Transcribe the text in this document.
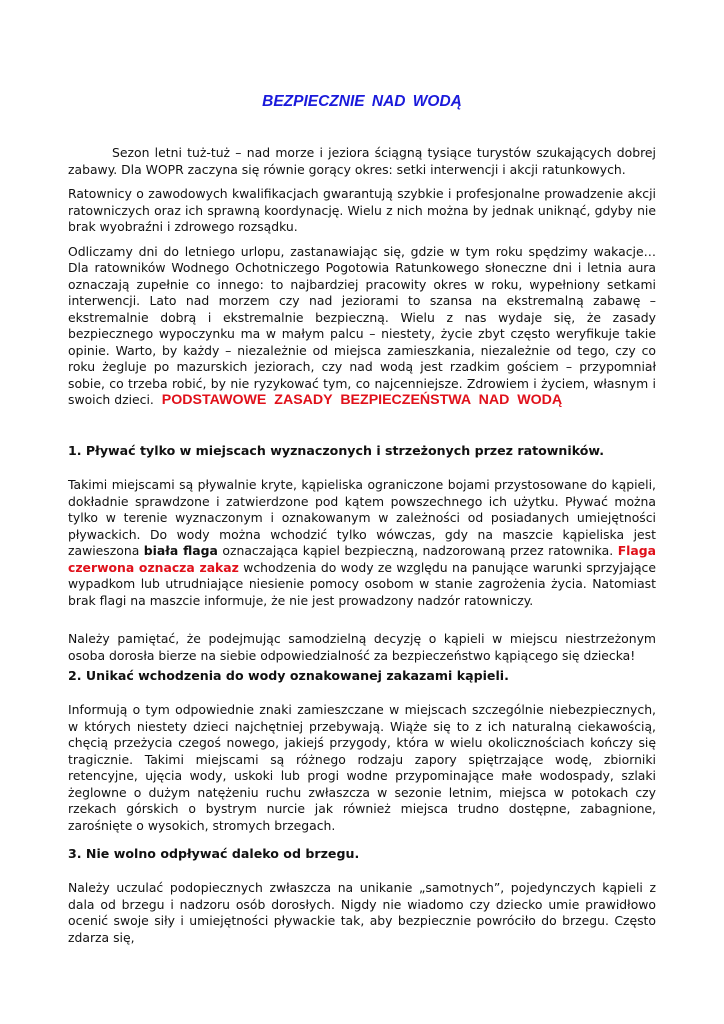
BEZPIECZNIE NAD WODĄ

Sezon letni tuż-tuż – nad morze i jeziora ściągną tysiące turystów szukających dobrej zabawy. Dla WOPR zaczyna się równie gorący okres: setki interwencji i akcji ratunkowych.

Ratownicy o zawodowych kwalifikacjach gwarantują szybkie i profesjonalne prowadzenie akcji ratowniczych oraz ich sprawną koordynację. Wielu z nich można by jednak uniknąć, gdyby nie brak wyobraźni i zdrowego rozsądku.

Odliczamy dni do letniego urlopu, zastanawiając się, gdzie w tym roku spędzimy wakacje… Dla ratowników Wodnego Ochotniczego Pogotowia Ratunkowego słoneczne dni i letnia aura oznaczają zupełnie co innego: to najbardziej pracowity okres w roku, wypełniony setkami interwencji. Lato nad morzem czy nad jeziorami to szansa na ekstremalną zabawę – ekstremalnie dobrą i ekstremalnie bezpieczną. Wielu z nas wydaje się, że zasady bezpiecznego wypoczynku ma w małym palcu – niestety, życie zbyt często weryfikuje takie opinie. Warto, by każdy – niezależnie od miejsca zamieszkania, niezależnie od tego, czy co roku żegluje po mazurskich jeziorach, czy nad wodą jest rzadkim gościem – przypomniał sobie, co trzeba robić, by nie ryzykować tym, co najcenniejsze. Zdrowiem i życiem, własnym i swoich dzieci. PODSTAWOWE ZASADY BEZPIECZEŃSTWA NAD WODĄ
1. Pływać tylko w miejscach wyznaczonych i strzeżonych przez ratowników.

Takimi miejscami są pływalnie kryte, kąpieliska ograniczone bojami przystosowane do kąpieli, dokładnie sprawdzone i zatwierdzone pod kątem powszechnego ich użytku. Pływać można tylko w terenie wyznaczonym i oznakowanym w zależności od posiadanych umiejętności pływackich. Do wody można wchodzić tylko wówczas, gdy na maszcie kąpieliska jest zawieszona biała flaga oznaczająca kąpiel bezpieczną, nadzorowaną przez ratownika. Flaga czerwona oznacza zakaz wchodzenia do wody ze względu na panujące warunki sprzyjające wypadkom lub utrudniające niesienie pomocy osobom w stanie zagrożenia życia. Natomiast brak flagi na maszcie informuje, że nie jest prowadzony nadzór ratowniczy.

Należy pamiętać, że podejmując samodzielną decyzję o kąpieli w miejscu niestrzeżonym osoba dorosła bierze na siebie odpowiedzialność za bezpieczeństwo kąpiącego się dziecka!

2. Unikać wchodzenia do wody oznakowanej zakazami kąpieli.

Informują o tym odpowiednie znaki zamieszczane w miejscach szczególnie niebezpiecznych, w których niestety dzieci najchętniej przebywają. Wiąże się to z ich naturalną ciekawością, chęcią przeżycia czegoś nowego, jakiejś przygody, która w wielu okolicznościach kończy się tragicznie. Takimi miejscami są różnego rodzaju zapory spiętrzające wodę, zbiorniki retencyjne, ujęcia wody, uskoki lub progi wodne przypominające małe wodospady, szlaki żeglowne o dużym natężeniu ruchu zwłaszcza w sezonie letnim, miejsca w potokach czy rzekach górskich o bystrym nurcie jak również miejsca trudno dostępne, zabagnione, zarośnięte o wysokich, stromych brzegach.

3. Nie wolno odpływać daleko od brzegu.

Należy uczulać podopiecznych zwłaszcza na unikanie „samotnych”, pojedynczych kąpieli z dala od brzegu i nadzoru osób dorosłych. Nigdy nie wiadomo czy dziecko umie prawidłowo ocenić swoje siły i umiejętności pływackie tak, aby bezpiecznie powróciło do brzegu. Często zdarza się,
